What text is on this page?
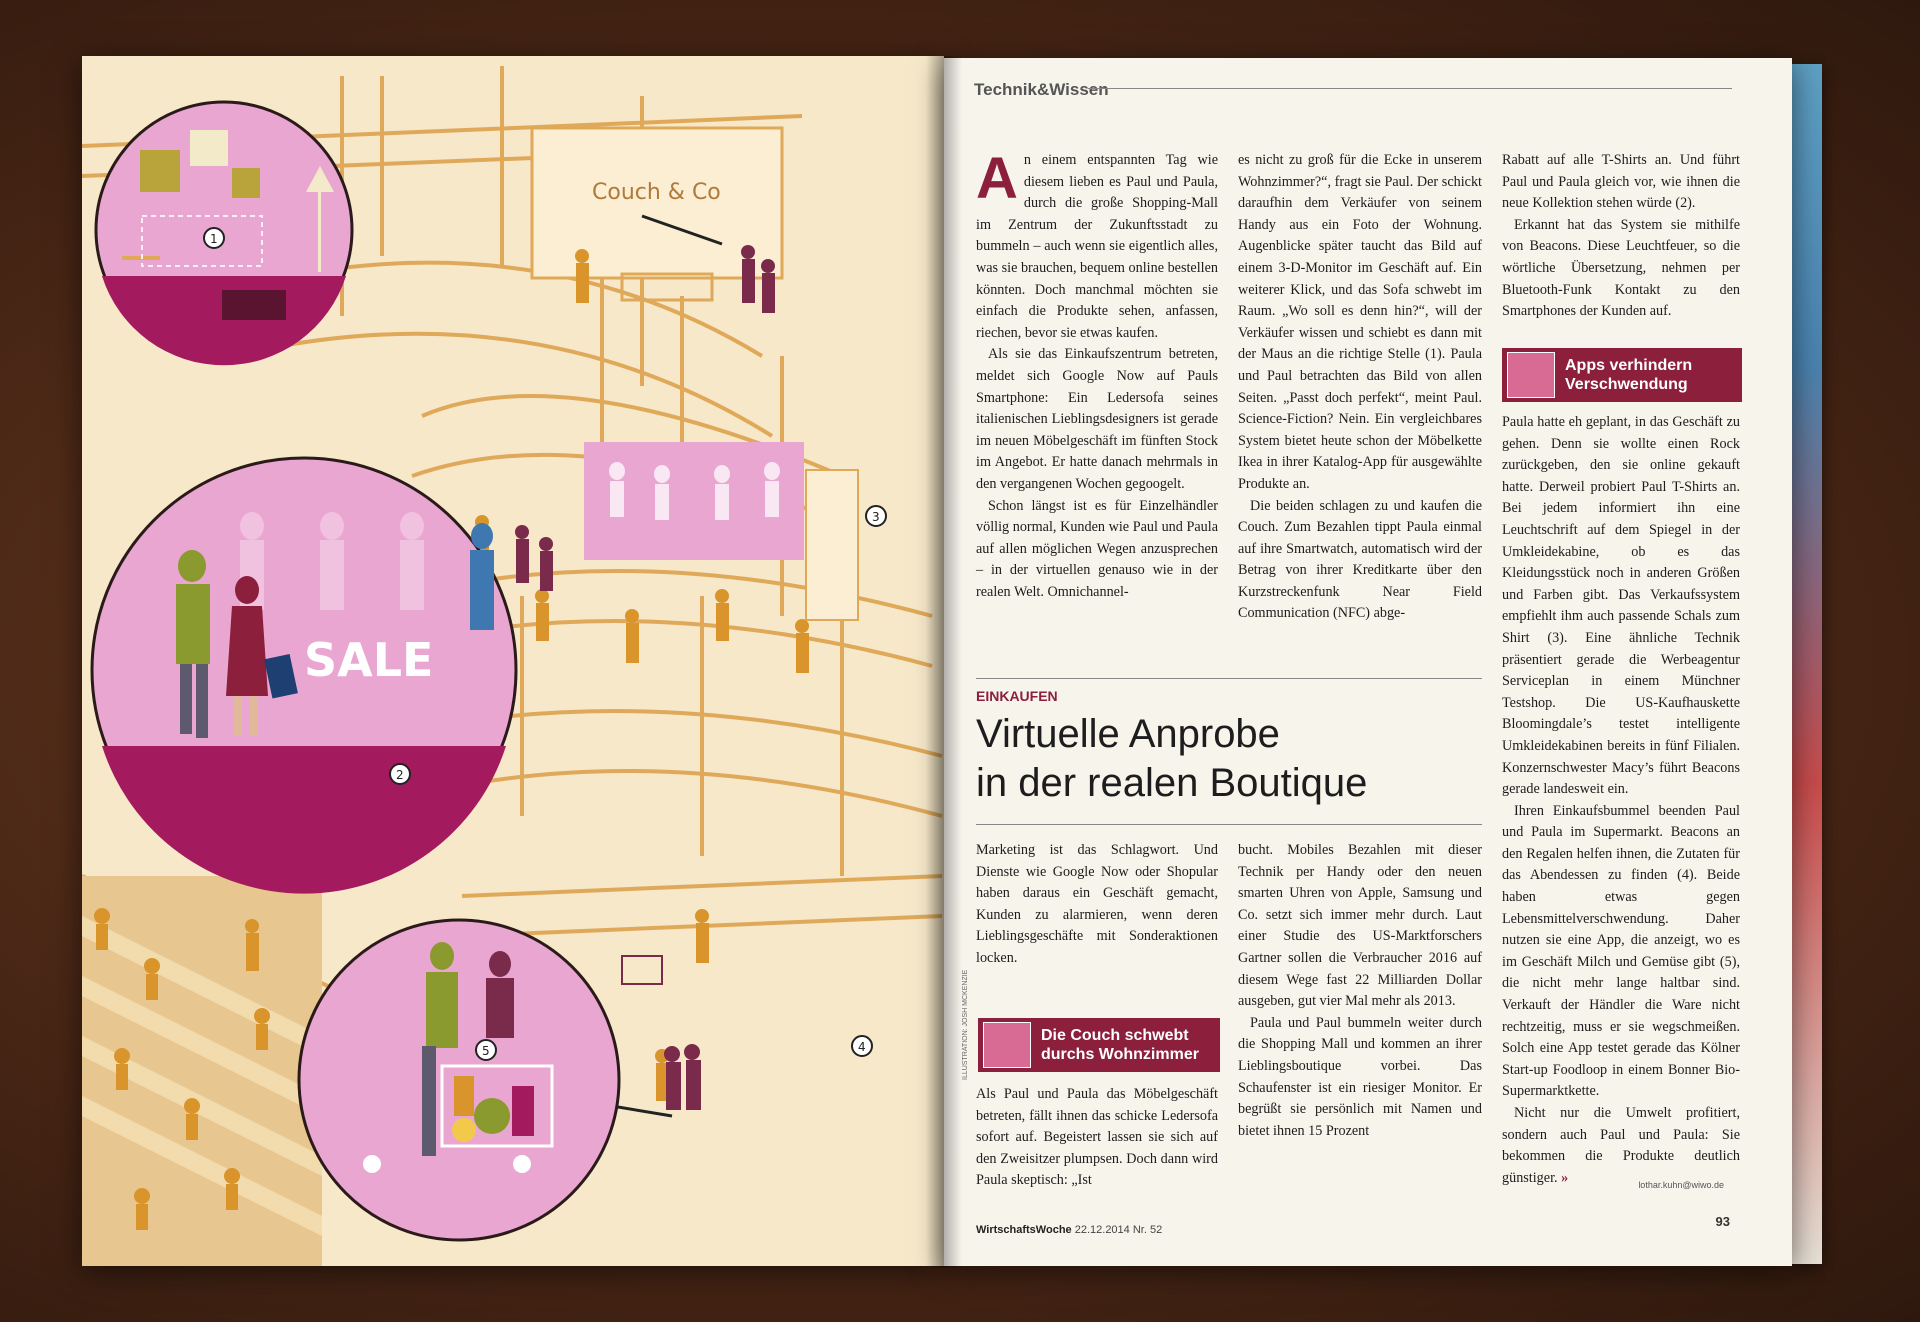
Couch & Co
1
SALE
2
5
3
4
Technik&Wissen

An einem entspannten Tag wie diesem lieben es Paul und Paula, durch die große Shopping-Mall im Zentrum der Zukunftsstadt zu bummeln – auch wenn sie eigentlich alles, was sie brauchen, bequem online bestellen könnten. Doch manchmal möchten sie einfach die Produkte sehen, anfassen, riechen, bevor sie etwas kaufen.

Als sie das Einkaufszentrum betreten, meldet sich Google Now auf Pauls Smartphone: Ein Ledersofa seines italienischen Lieblingsdesigners ist gerade im neuen Möbelgeschäft im fünften Stock im Angebot. Er hatte danach mehrmals in den vergangenen Wochen gegoogelt.

Schon längst ist es für Einzelhändler völlig normal, Kunden wie Paul und Paula auf allen möglichen Wegen anzusprechen – in der virtuellen genauso wie in der realen Welt. Omnichannel-

es nicht zu groß für die Ecke in unserem Wohnzimmer?“, fragt sie Paul. Der schickt daraufhin dem Verkäufer von seinem Handy aus ein Foto der Wohnung. Augenblicke später taucht das Bild auf einem 3-D-Monitor im Geschäft auf. Ein weiterer Klick, und das Sofa schwebt im Raum. „Wo soll es denn hin?“, will der Verkäufer wissen und schiebt es dann mit der Maus an die richtige Stelle (1). Paula und Paul betrachten das Bild von allen Seiten. „Passt doch perfekt“, meint Paul. Science-Fiction? Nein. Ein vergleichbares System bietet heute schon der Möbelkette Ikea in ihrer Katalog-App für ausgewählte Produkte an.

Die beiden schlagen zu und kaufen die Couch. Zum Bezahlen tippt Paula einmal auf ihre Smartwatch, automatisch wird der Betrag von ihrer Kreditkarte über den Kurzstreckenfunk Near Field Communication (NFC) abge-

EINKAUFEN
Virtuelle Anprobe
in der realen Boutique

Marketing ist das Schlagwort. Und Dienste wie Google Now oder Shopular haben daraus ein Geschäft gemacht, Kunden zu alarmieren, wenn deren Lieblingsgeschäfte mit Sonderaktionen locken.

Die Couch schwebt
durchs Wohnzimmer

Als Paul und Paula das Möbelgeschäft betreten, fällt ihnen das schicke Ledersofa sofort auf. Begeistert lassen sie sich auf den Zweisitzer plumpsen. Doch dann wird Paula skeptisch: „Ist

bucht. Mobiles Bezahlen mit dieser Technik per Handy oder den neuen smarten Uhren von Apple, Samsung und Co. setzt sich immer mehr durch. Laut einer Studie des US-Marktforschers Gartner sollen die Verbraucher 2016 auf diesem Wege fast 22 Milliarden Dollar ausgeben, gut vier Mal mehr als 2013.

Paula und Paul bummeln weiter durch die Shopping Mall und kommen an ihrer Lieblingsboutique vorbei. Das Schaufenster ist ein riesiger Monitor. Er begrüßt sie persönlich mit Namen und bietet ihnen 15 Prozent

Rabatt auf alle T-Shirts an. Und führt Paul und Paula gleich vor, wie ihnen die neue Kollektion stehen würde (2).

Erkannt hat das System sie mithilfe von Beacons. Diese Leuchtfeuer, so die wörtliche Übersetzung, nehmen per Bluetooth-Funk Kontakt zu den Smartphones der Kunden auf.

Apps verhindern
Verschwendung

Paula hatte eh geplant, in das Geschäft zu gehen. Denn sie wollte einen Rock zurückgeben, den sie online gekauft hatte. Derweil probiert Paul T-Shirts an. Bei jedem informiert ihn eine Leuchtschrift auf dem Spiegel in der Umkleidekabine, ob es das Kleidungsstück noch in anderen Größen und Farben gibt. Das Verkaufssystem empfiehlt ihm auch passende Schals zum Shirt (3). Eine ähnliche Technik präsentiert gerade die Werbeagentur Serviceplan in einem Münchner Testshop. Die US-Kaufhauskette Bloomingdale’s testet intelligente Umkleidekabinen bereits in fünf Filialen. Konzernschwester Macy’s führt Beacons gerade landesweit ein.

Ihren Einkaufsbummel beenden Paul und Paula im Supermarkt. Beacons an den Regalen helfen ihnen, die Zutaten für das Abendessen zu finden (4). Beide haben etwas gegen Lebensmittelverschwendung. Daher nutzen sie eine App, die anzeigt, wo es im Geschäft Milch und Gemüse gibt (5), die nicht mehr lange haltbar sind. Verkauft der Händler die Ware nicht rechtzeitig, muss er sie wegschmeißen. Solch eine App testet gerade das Kölner Start-up Foodloop in einem Bonner Bio-Supermarktkette.

Nicht nur die Umwelt profitiert, sondern auch Paul und Paula: Sie bekommen die Produkte deutlich günstiger. »

ILLUSTRATION: JOSH MCKENZIE
lothar.kuhn@wiwo.de
WirtschaftsWoche 22.12.2014 Nr. 52
93
